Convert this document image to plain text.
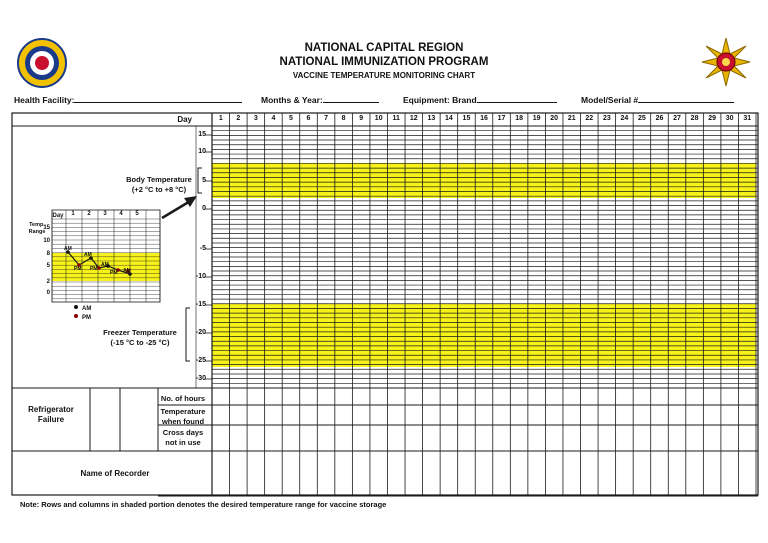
NATIONAL CAPITAL REGION
NATIONAL IMMUNIZATION PROGRAM
VACCINE TEMPERATURE MONITORING CHART
Health Facility:	Months & Year:	Equipment: Brand	Model/Serial #
Day	1	2	3	4	5	6	7	8	9	10	11	12	13	14	15	16	17	18	19	20	21	22	23	24	25	26	27	28	29	30	31
15
10
5
0
-5
-10
-15
-20
-25
-30
Body Temperature
(+2 °C to +8 °C)
Freezer Temperature
(-15 °C to -25 °C)
Day	1	2	3	4	5
Temp. Range
15
10
8
5
2
0
AM
AM
PM PM
AM
PM AM
AM
PM
Refrigerator Failure
No. of hours
Temperature when found
Cross days not in use
Name of Recorder
Note: Rows and columns in shaded portion denotes the desired temperature range for vaccine storage
